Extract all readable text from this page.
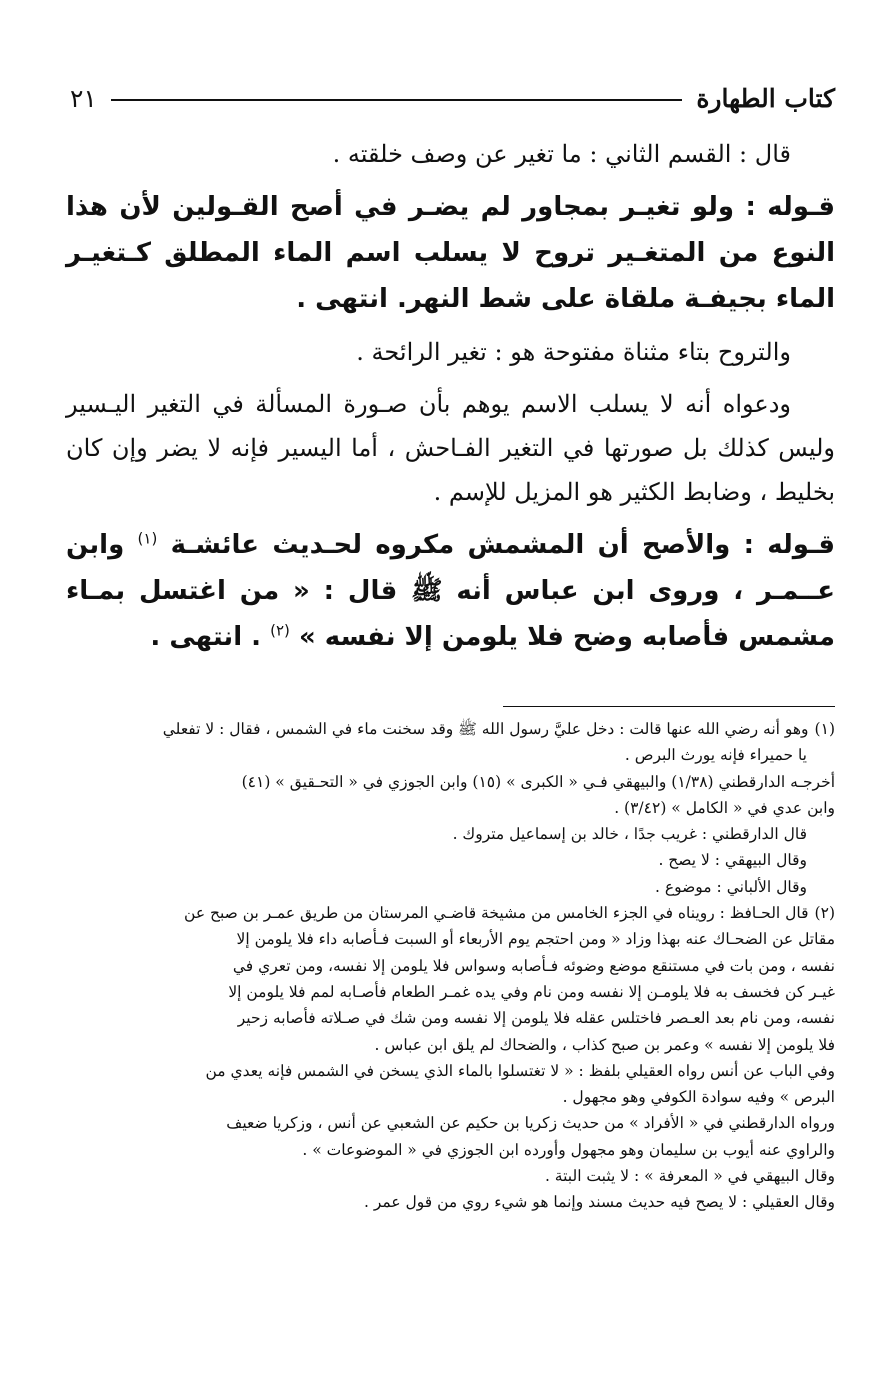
كتاب الطهارة
٢١

قال : القسم الثاني : ما تغير عن وصف خلقته .

قـوله : ولو تغيـر بمجاور لم يضـر في أصح القـولين لأن هذا النوع من المتغـير تروح لا يسلب اسم الماء المطلق كـتغيـر الماء بجيفـة ملقاة على شط النهر. انتهى .

والتروح بتاء مثناة مفتوحة هو : تغير الرائحة .

ودعواه أنه لا يسلب الاسم يوهم بأن صـورة المسألة في التغير اليـسير وليس كذلك بل صورتها في التغير الفـاحش ، أما اليسير فإنه لا يضر وإن كان بخليط ، وضابط الكثير هو المزيل للإسم .

قـوله : والأصح أن المشمش مكروه لحـديث عائشـة $^{(١)}$ وابن عــمـر ، وروى ابن عباس أنه ﷺ قال : « من اغتسل بمـاء مشمس فأصابه وضح فلا يلومن إلا نفسه » $^{(٢)}$ . انتهى .

(١)وهو أنه رضي الله عنها قالت : دخل عليَّ رسول الله ﷺ وقد سخنت ماء في الشمس ، فقال : لا تفعلي

يا حميراء فإنه يورث البرص .

أخرجـه الدارقطني (١/٣٨) والبيهقي فـي « الكبرى » (١٥) وابن الجوزي في « التحـقيق » (٤١)

وابن عدي في « الكامل » (٣/٤٢) .

قال الدارقطني : غريب جدًا ، خالد بن إسماعيل متروك .

وقال البيهقي : لا يصح .

وقال الألباني : موضوع .

(٢)قال الحـافظ : رويناه في الجزء الخامس من مشيخة قاضـي المرستان من طريق عمـر بن صبح عن

مقاتل عن الضحـاك عنه بهذا وزاد « ومن احتجم يوم الأربعاء أو السبت فـأصابه داء فلا يلومن إلا

نفسه ، ومن بات في مستنقع موضع وضوئه فـأصابه وسواس فلا يلومن إلا نفسه، ومن تعري في

غيـر كن فخسف به فلا يلومـن إلا نفسه ومن نام وفي يده غمـر الطعام فأصـابه لمم فلا يلومن إلا

نفسه، ومن نام بعد العـصر فاختلس عقله فلا يلومن إلا نفسه ومن شك في صـلاته فأصابه زحير

فلا يلومن إلا نفسه » وعمر بن صبح كذاب ، والضحاك لم يلق ابن عباس .

وفي الباب عن أنس رواه العقيلي بلفظ : « لا تغتسلوا بالماء الذي يسخن في الشمس فإنه يعدي من

البرص » وفيه سوادة الكوفي وهو مجهول .

ورواه الدارقطني في « الأفراد » من حديث زكريا بن حكيم عن الشعبي عن أنس ، وزكريا ضعيف

والراوي عنه أيوب بن سليمان وهو مجهول وأورده ابن الجوزي في « الموضوعات » .

وقال البيهقي في « المعرفة » : لا يثبت البتة .

وقال العقيلي : لا يصح فيه حديث مسند وإنما هو شيء روي من قول عمر .
